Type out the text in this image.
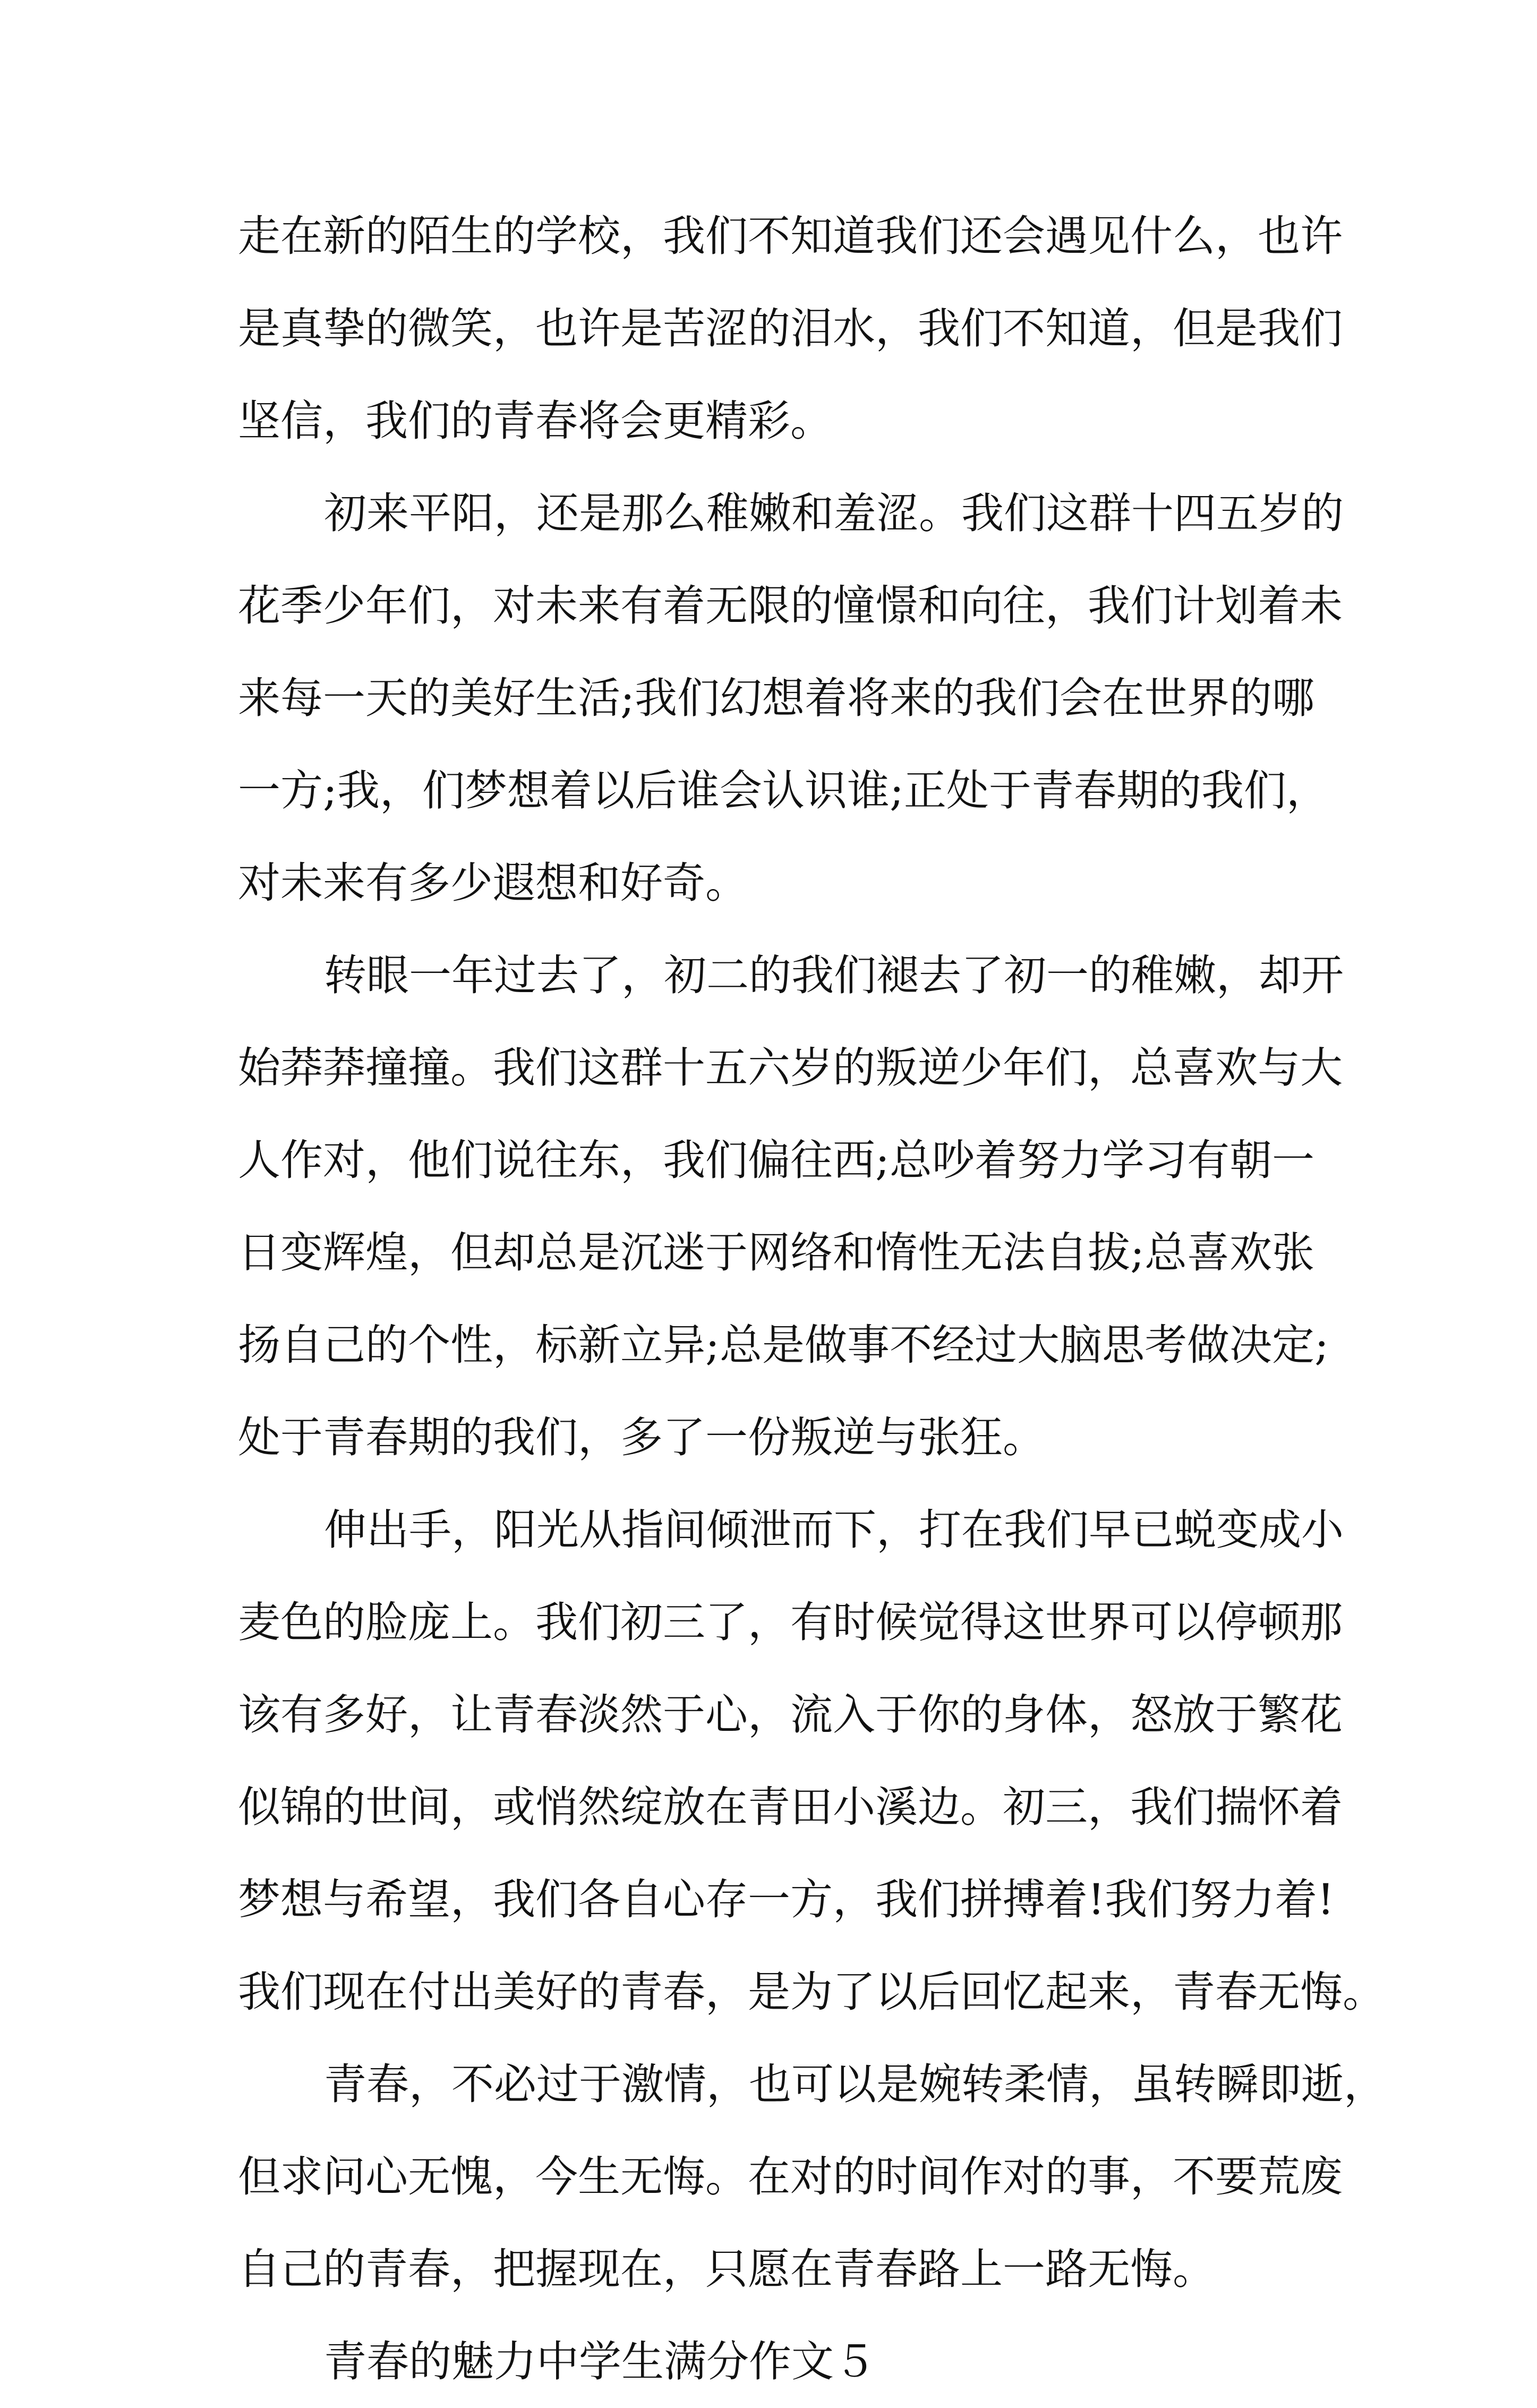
走在新的陌生的学校，我们不知道我们还会遇见什么，也许
是真挚的微笑，也许是苦涩的泪水，我们不知道，但是我们
坚信，我们的青春将会更精彩。
初来平阳，还是那么稚嫩和羞涩。我们这群十四五岁的
花季少年们，对未来有着无限的憧憬和向往，我们计划着未
来每一天的美好生活;我们幻想着将来的我们会在世界的哪
一方;我，们梦想着以后谁会认识谁;正处于青春期的我们，
对未来有多少遐想和好奇。
转眼一年过去了，初二的我们褪去了初一的稚嫩，却开
始莽莽撞撞。我们这群十五六岁的叛逆少年们，总喜欢与大
人作对，他们说往东，我们偏往西;总吵着努力学习有朝一
日变辉煌，但却总是沉迷于网络和惰性无法自拔;总喜欢张
扬自己的个性，标新立异;总是做事不经过大脑思考做决定;
处于青春期的我们，多了一份叛逆与张狂。
伸出手，阳光从指间倾泄而下，打在我们早已蜕变成小
麦色的脸庞上。我们初三了，有时候觉得这世界可以停顿那
该有多好，让青春淡然于心，流入于你的身体，怒放于繁花
似锦的世间，或悄然绽放在青田小溪边。初三，我们揣怀着
梦想与希望，我们各自心存一方，我们拼搏着!我们努力着!
我们现在付出美好的青春，是为了以后回忆起来，青春无悔。
青春，不必过于激情，也可以是婉转柔情，虽转瞬即逝，
但求问心无愧，今生无悔。在对的时间作对的事，不要荒废
自己的青春，把握现在，只愿在青春路上一路无悔。
青春的魅力中学生满分作文５
